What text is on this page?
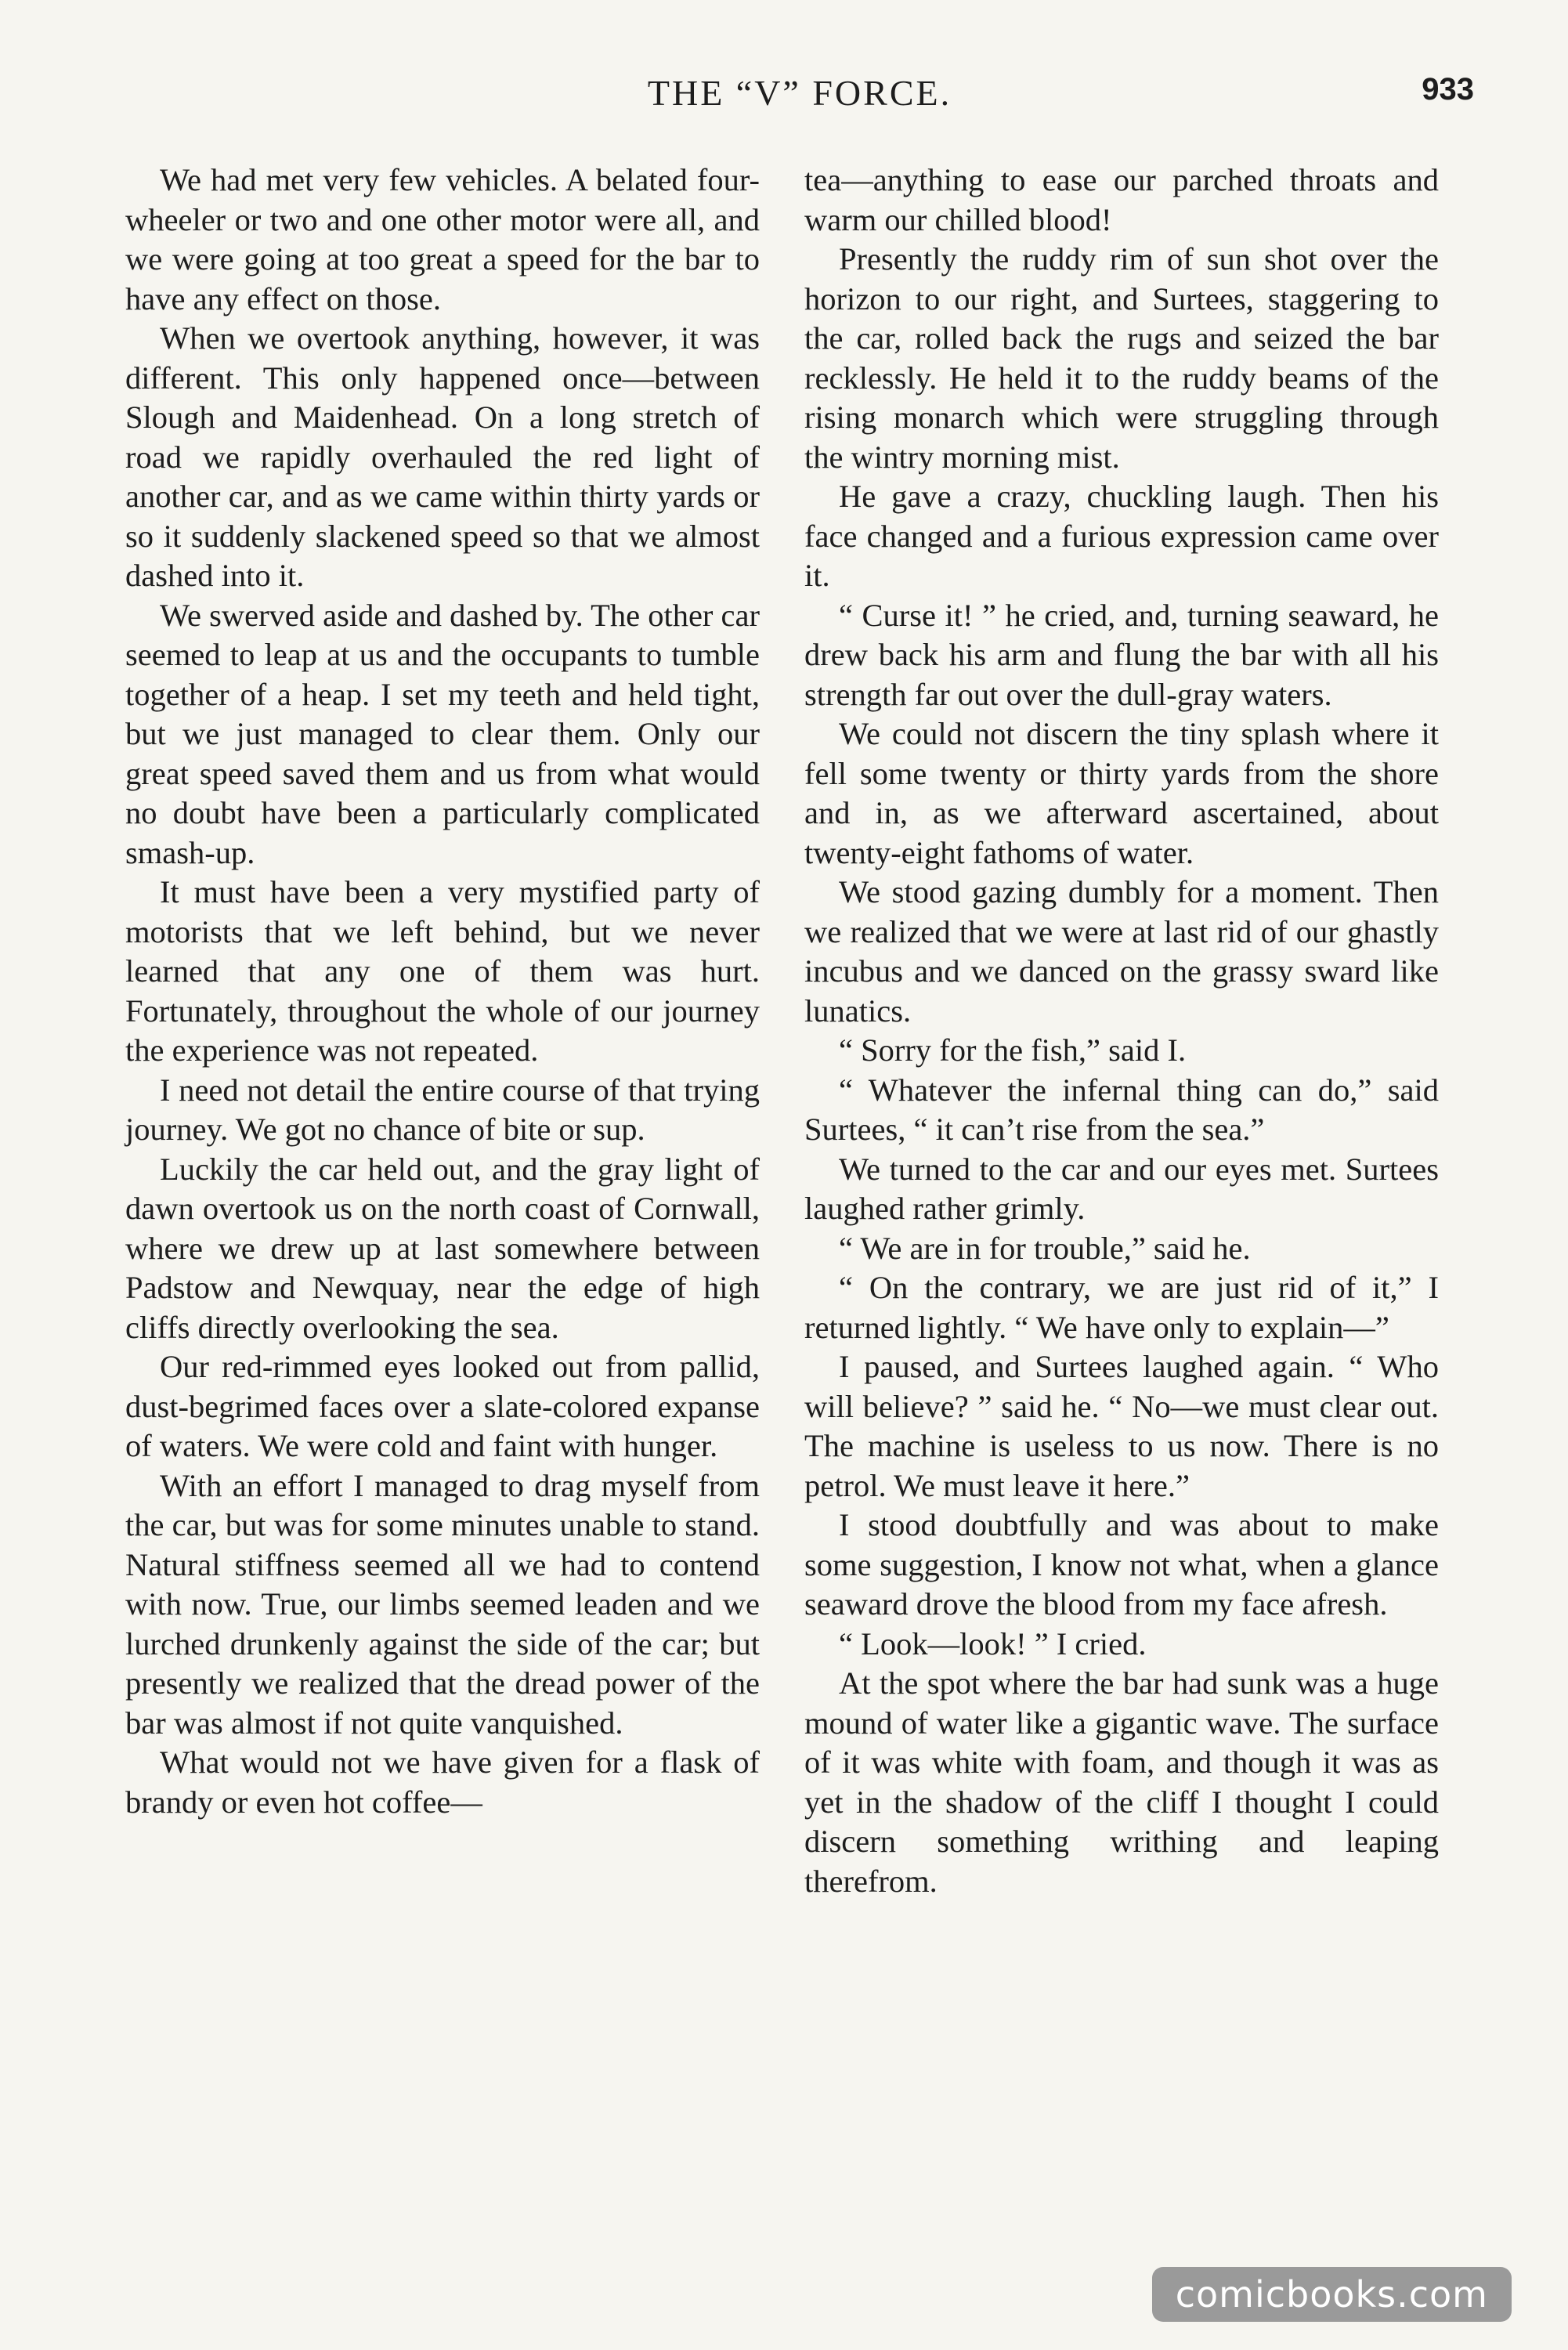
THE “V” FORCE.	933

We had met very few vehicles. A belated four-wheeler or two and one other motor were all, and we were going at too great a speed for the bar to have any effect on those.

When we overtook anything, however, it was different. This only happened once—between Slough and Maidenhead. On a long stretch of road we rapidly overhauled the red light of another car, and as we came within thirty yards or so it suddenly slackened speed so that we almost dashed into it.

We swerved aside and dashed by. The other car seemed to leap at us and the occupants to tumble together of a heap. I set my teeth and held tight, but we just managed to clear them. Only our great speed saved them and us from what would no doubt have been a particularly complicated smash-up.

It must have been a very mystified party of motorists that we left behind, but we never learned that any one of them was hurt. Fortunately, throughout the whole of our journey the experience was not repeated.

I need not detail the entire course of that trying journey. We got no chance of bite or sup.

Luckily the car held out, and the gray light of dawn overtook us on the north coast of Cornwall, where we drew up at last somewhere between Padstow and Newquay, near the edge of high cliffs directly overlooking the sea.

Our red-rimmed eyes looked out from pallid, dust-begrimed faces over a slate-colored expanse of waters. We were cold and faint with hunger.

With an effort I managed to drag myself from the car, but was for some minutes unable to stand. Natural stiffness seemed all we had to contend with now. True, our limbs seemed leaden and we lurched drunkenly against the side of the car; but presently we realized that the dread power of the bar was almost if not quite vanquished.

What would not we have given for a flask of brandy or even hot coffee—

tea—anything to ease our parched throats and warm our chilled blood!

Presently the ruddy rim of sun shot over the horizon to our right, and Surtees, staggering to the car, rolled back the rugs and seized the bar recklessly. He held it to the ruddy beams of the rising monarch which were struggling through the wintry morning mist.

He gave a crazy, chuckling laugh. Then his face changed and a furious expression came over it.

“ Curse it! ” he cried, and, turning seaward, he drew back his arm and flung the bar with all his strength far out over the dull-gray waters.

We could not discern the tiny splash where it fell some twenty or thirty yards from the shore and in, as we afterward ascertained, about twenty-eight fathoms of water.

We stood gazing dumbly for a moment. Then we realized that we were at last rid of our ghastly incubus and we danced on the grassy sward like lunatics.

“ Sorry for the fish,” said I.

“ Whatever the infernal thing can do,” said Surtees, “ it can’t rise from the sea.”

We turned to the car and our eyes met. Surtees laughed rather grimly.

“ We are in for trouble,” said he.

“ On the contrary, we are just rid of it,” I returned lightly. “ We have only to explain—”

I paused, and Surtees laughed again. “ Who will believe? ” said he. “ No—we must clear out. The machine is useless to us now. There is no petrol. We must leave it here.”

I stood doubtfully and was about to make some suggestion, I know not what, when a glance seaward drove the blood from my face afresh.

“ Look—look! ” I cried.

At the spot where the bar had sunk was a huge mound of water like a gigantic wave. The surface of it was white with foam, and though it was as yet in the shadow of the cliff I thought I could discern something writhing and leaping therefrom.

comicbooks.com
